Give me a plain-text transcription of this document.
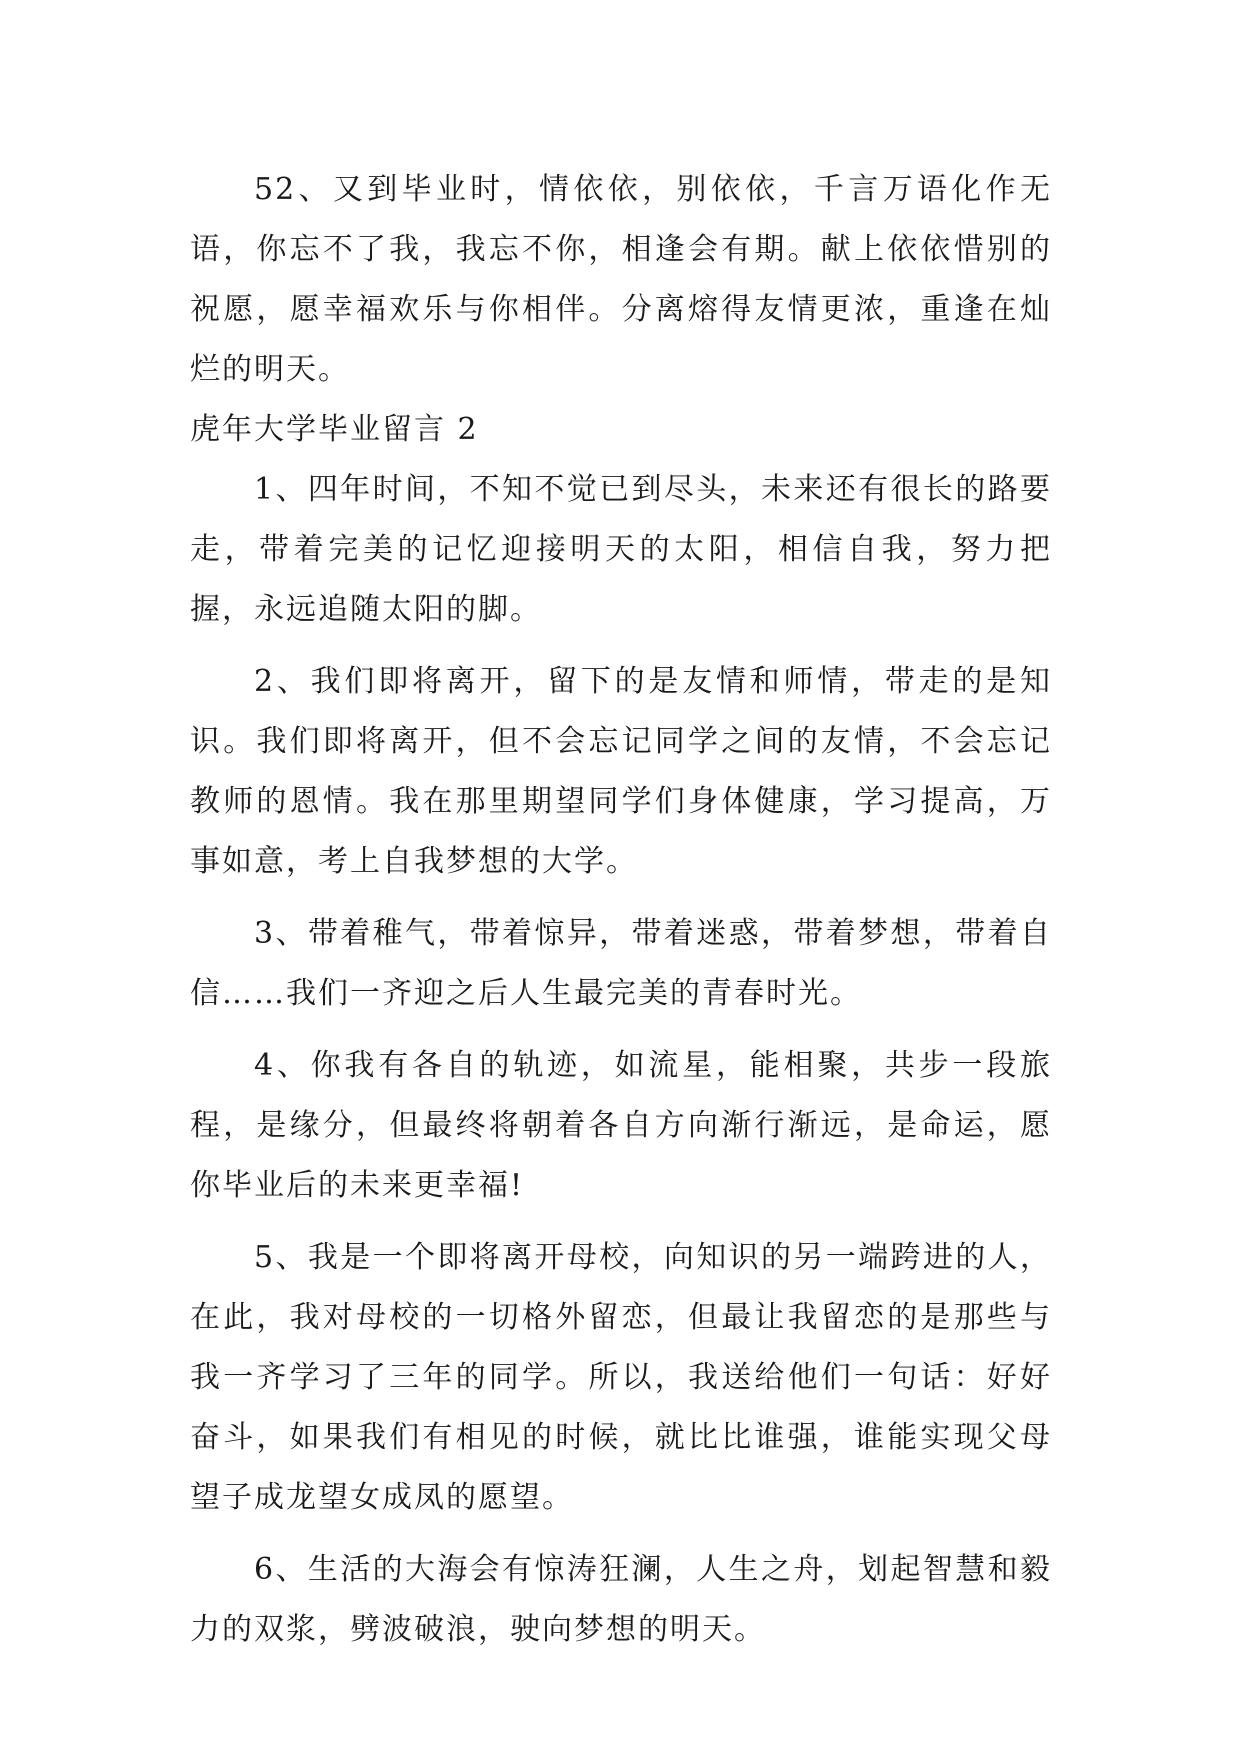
52、又到毕业时，情依依，别依依，千言万语化作无语，你忘不了我，我忘不你，相逢会有期。献上依依惜别的祝愿，愿幸福欢乐与你相伴。分离熔得友情更浓，重逢在灿烂的明天。

虎年大学毕业留言 2

1、四年时间，不知不觉已到尽头，未来还有很长的路要走，带着完美的记忆迎接明天的太阳，相信自我，努力把握，永远追随太阳的脚。

2、我们即将离开，留下的是友情和师情，带走的是知识。我们即将离开，但不会忘记同学之间的友情，不会忘记教师的恩情。我在那里期望同学们身体健康，学习提高，万事如意，考上自我梦想的大学。

3、带着稚气，带着惊异，带着迷惑，带着梦想，带着自信……我们一齐迎之后人生最完美的青春时光。

4、你我有各自的轨迹，如流星，能相聚，共步一段旅程，是缘分，但最终将朝着各自方向渐行渐远，是命运，愿你毕业后的未来更幸福!

5、我是一个即将离开母校，向知识的另一端跨进的人，在此，我对母校的一切格外留恋，但最让我留恋的是那些与我一齐学习了三年的同学。所以，我送给他们一句话：好好奋斗，如果我们有相见的时候，就比比谁强，谁能实现父母望子成龙望女成凤的愿望。

6、生活的大海会有惊涛狂澜，人生之舟，划起智慧和毅力的双浆，劈波破浪，驶向梦想的明天。
